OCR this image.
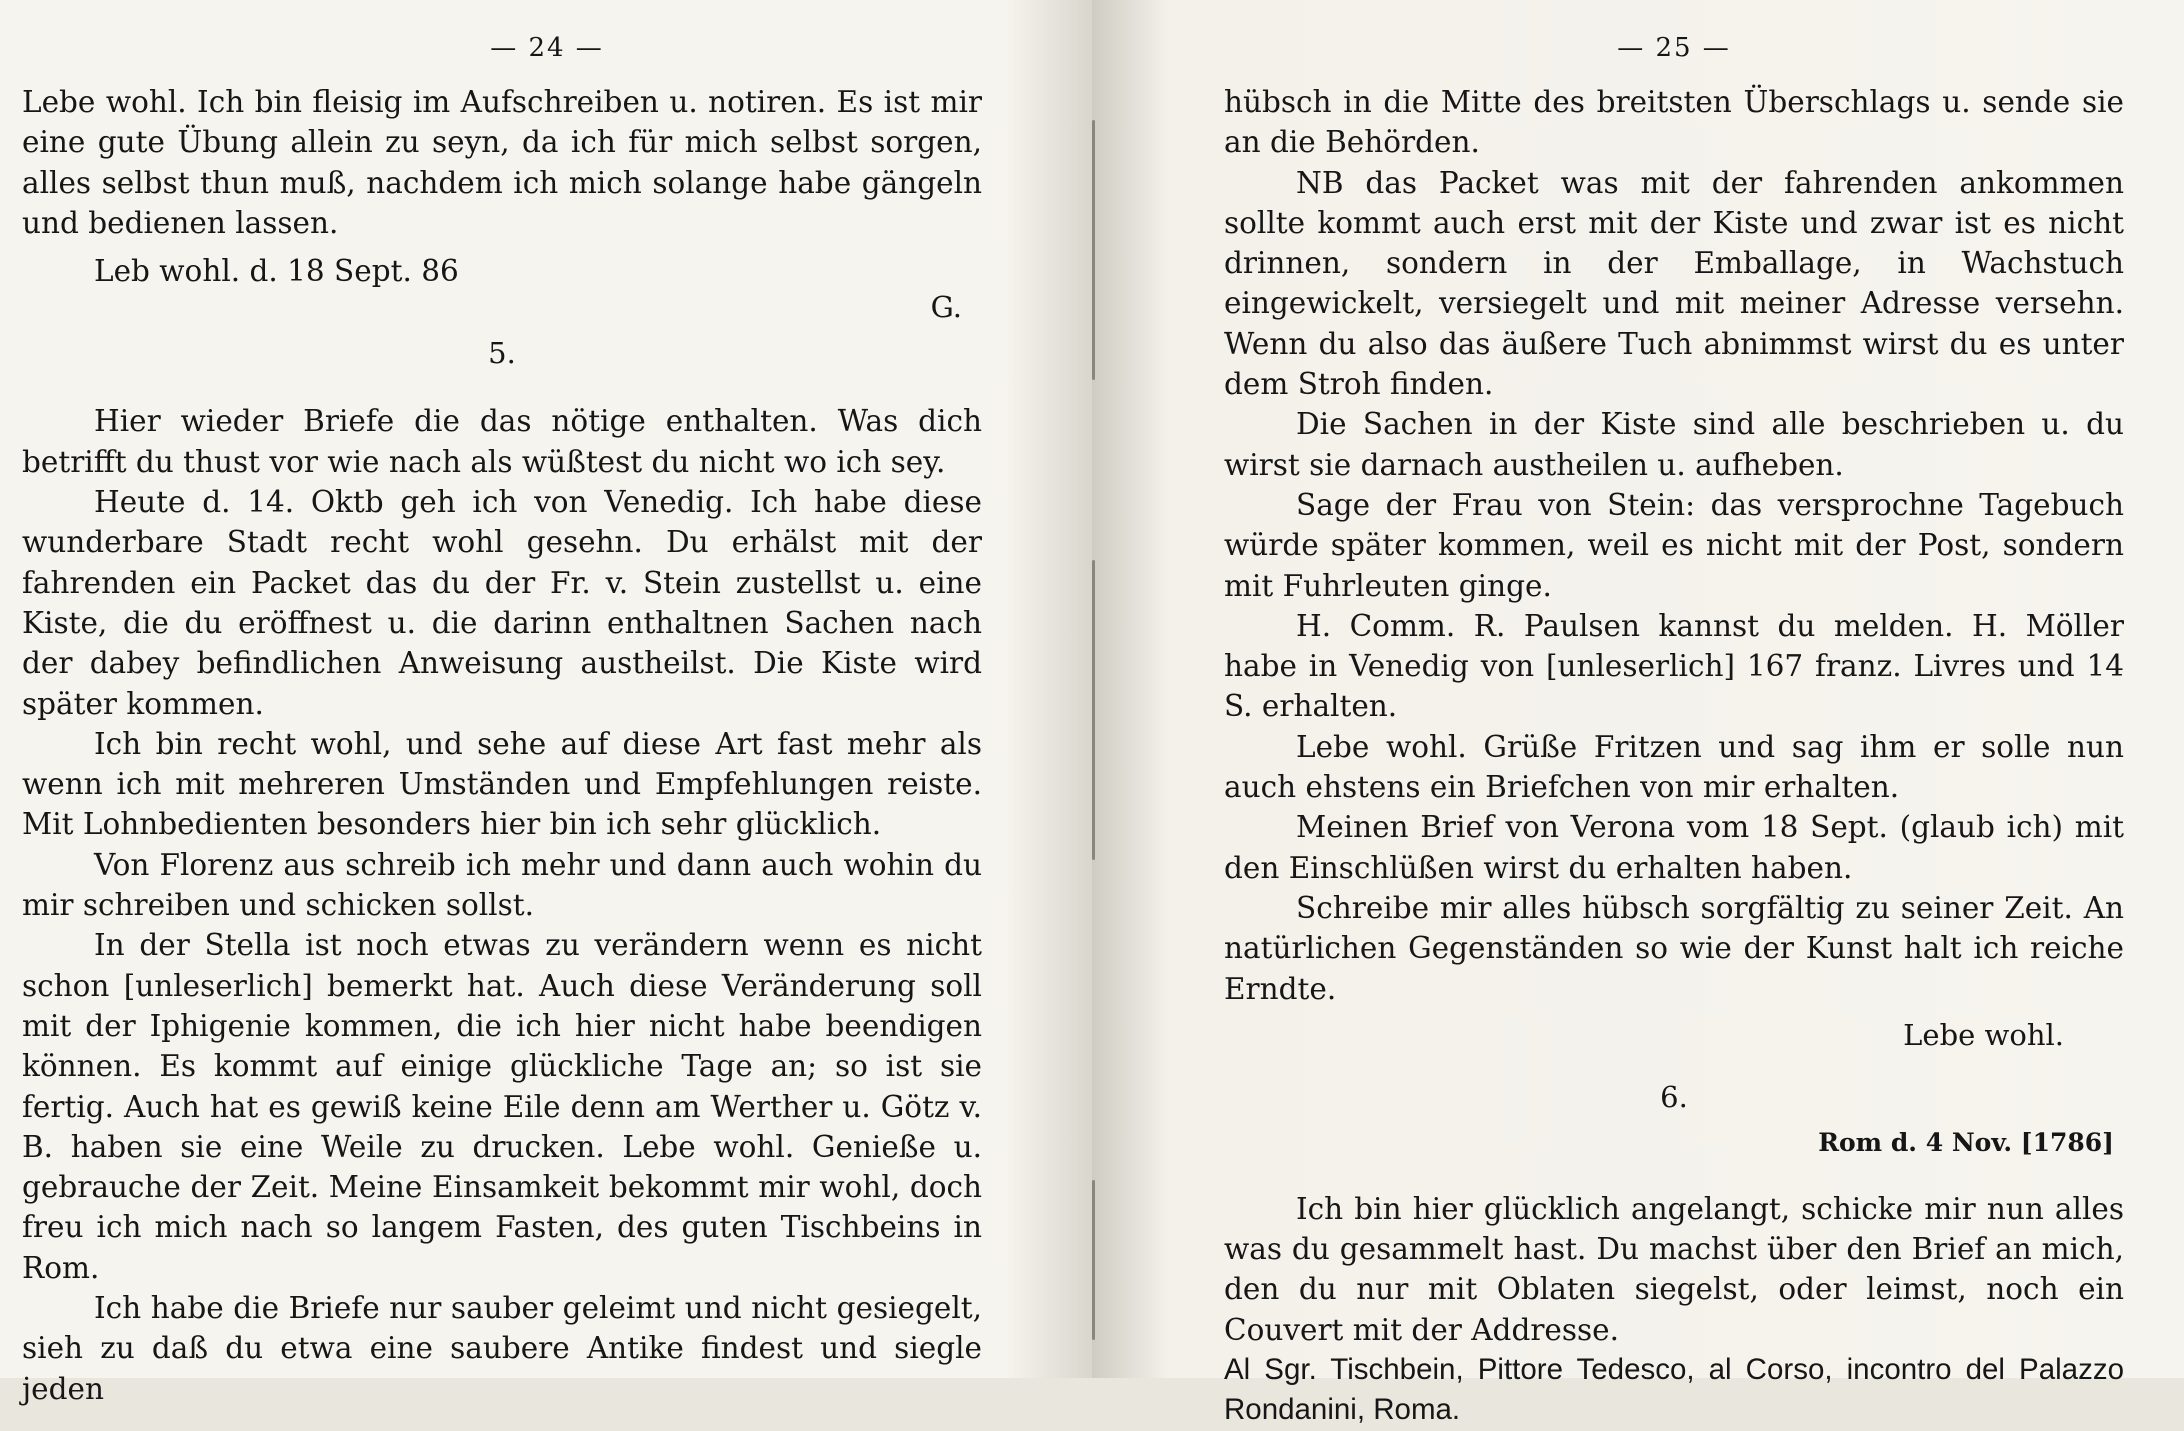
— 24 —

Lebe wohl. Ich bin fleisig im Aufschreiben u. notiren. Es ist mir eine gute Übung allein zu seyn, da ich für mich selbst sorgen, alles selbst thun muß, nachdem ich mich solange habe gängeln und bedienen lassen.

Leb wohl. d. 18 Sept. 86

G.
5.

Hier wieder Briefe die das nötige enthalten. Was dich betrifft du thust vor wie nach als wüßtest du nicht wo ich sey.

Heute d. 14. Oktb geh ich von Venedig. Ich habe diese wunderbare Stadt recht wohl gesehn. Du erhälst mit der fahrenden ein Packet das du der Fr. v. Stein zustellst u. eine Kiste, die du eröffnest u. die darinn enthaltnen Sachen nach der dabey befindlichen Anweisung austheilst. Die Kiste wird später kommen.

Ich bin recht wohl, und sehe auf diese Art fast mehr als wenn ich mit mehreren Umständen und Empfehlungen reiste. Mit Lohnbedienten besonders hier bin ich sehr glücklich.

Von Florenz aus schreib ich mehr und dann auch wohin du mir schreiben und schicken sollst.

In der Stella ist noch etwas zu verändern wenn es nicht schon [unleserlich] bemerkt hat. Auch diese Veränderung soll mit der Iphigenie kommen, die ich hier nicht habe beendigen können. Es kommt auf einige glückliche Tage an; so ist sie fertig. Auch hat es gewiß keine Eile denn am Werther u. Götz v. B. haben sie eine Weile zu drucken. Lebe wohl. Genieße u. gebrauche der Zeit. Meine Einsamkeit bekommt mir wohl, doch freu ich mich nach so langem Fasten, des guten Tischbeins in Rom.

Ich habe die Briefe nur sauber geleimt und nicht gesiegelt, sieh zu daß du etwa eine saubere Antike findest und siegle jeden

— 25 —

hübsch in die Mitte des breitsten Überschlags u. sende sie an die Behörden.

NB das Packet was mit der fahrenden ankommen sollte kommt auch erst mit der Kiste und zwar ist es nicht drinnen, sondern in der Emballage, in Wachstuch eingewickelt, versiegelt und mit meiner Adresse versehn. Wenn du also das äußere Tuch abnimmst wirst du es unter dem Stroh finden.

Die Sachen in der Kiste sind alle beschrieben u. du wirst sie darnach austheilen u. aufheben.

Sage der Frau von Stein: das versprochne Tagebuch würde später kommen, weil es nicht mit der Post, sondern mit Fuhrleuten ginge.

H. Comm. R. Paulsen kannst du melden. H. Möller habe in Venedig von [unleserlich] 167 franz. Livres und 14 S. erhalten.

Lebe wohl. Grüße Fritzen und sag ihm er solle nun auch ehstens ein Briefchen von mir erhalten.

Meinen Brief von Verona vom 18 Sept. (glaub ich) mit den Einschlüßen wirst du erhalten haben.

Schreibe mir alles hübsch sorgfältig zu seiner Zeit. An natürlichen Gegenständen so wie der Kunst halt ich reiche Erndte.

Lebe wohl.
6.
Rom d. 4 Nov. [1786]

Ich bin hier glücklich angelangt, schicke mir nun alles was du gesammelt hast. Du machst über den Brief an mich, den du nur mit Oblaten siegelst, oder leimst, noch ein Couvert mit der Addresse.

Al Sgr. Tischbein, Pittore Tedesco, al Corso, incontro del Palazzo Rondanini, Roma.
